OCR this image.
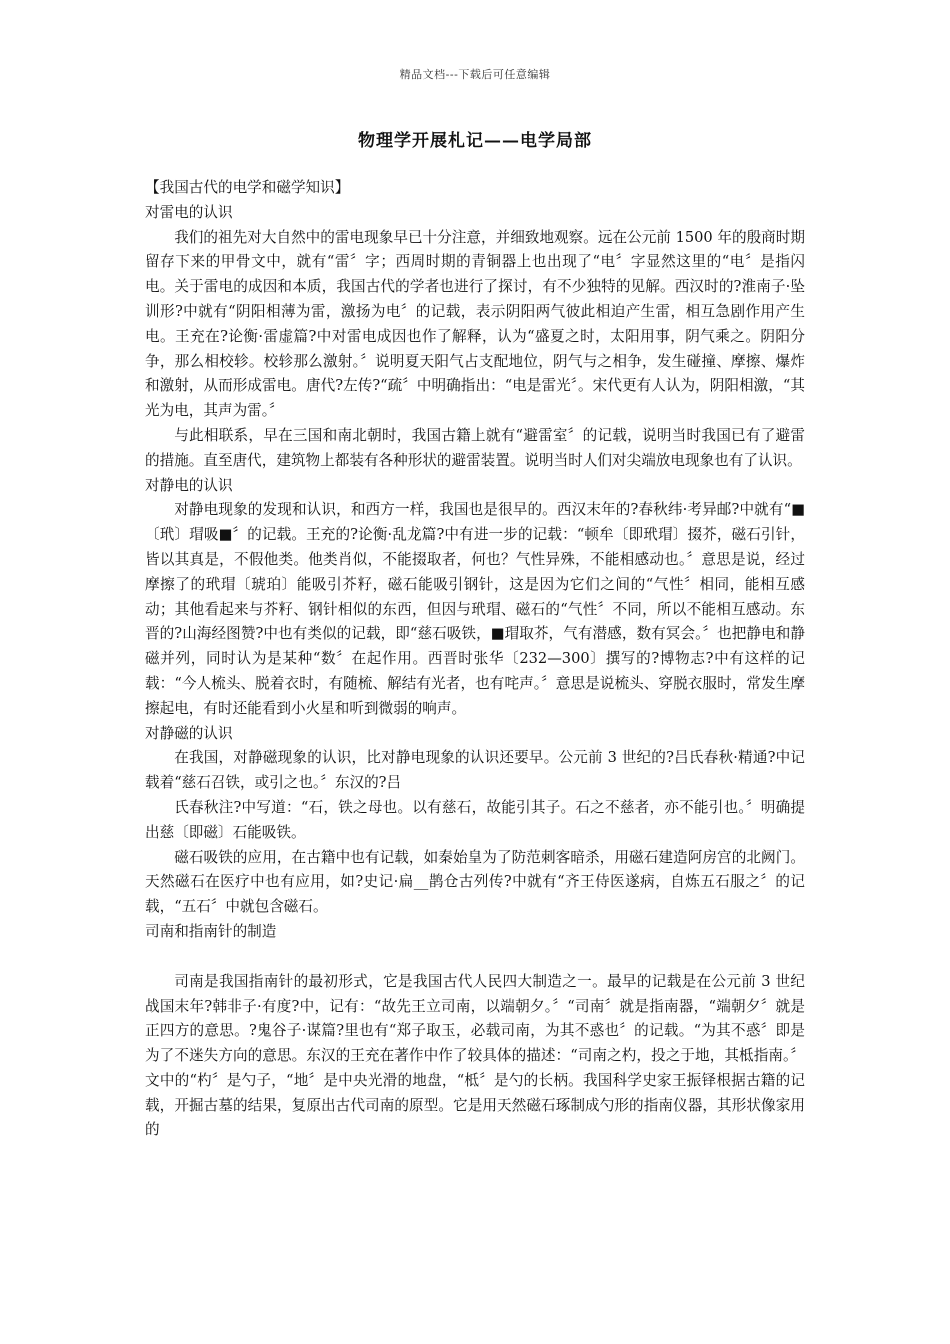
精品文档---下载后可任意编辑
物理学开展札记——电学局部

【我国古代的电学和磁学知识】

对雷电的认识

我们的祖先对大自然中的雷电现象早已十分注意，并细致地观察。远在公元前 1500 年的殷商时期留存下来的甲骨文中，就有“雷〞字；西周时期的青铜器上也出现了“电〞字显然这里的“电〞是指闪电。关于雷电的成因和本质，我国古代的学者也进行了探讨，有不少独特的见解。西汉时的?淮南子·坠训形?中就有“阴阳相薄为雷，激扬为电〞的记载，表示阴阳两气彼此相迫产生雷，相互急剧作用产生电。王充在?论衡·雷虚篇?中对雷电成因也作了解释，认为“盛夏之时，太阳用事，阴气乘之。阴阳分争，那么相校轸。校轸那么激射。〞说明夏天阳气占支配地位，阴气与之相争，发生碰撞、摩擦、爆炸和激射，从而形成雷电。唐代?左传?“疏〞中明确指出：“电是雷光〞。宋代更有人认为，阴阳相激，“其光为电，其声为雷。〞

与此相联系，早在三国和南北朝时，我国古籍上就有“避雷室〞的记载，说明当时我国已有了避雷的措施。直至唐代，建筑物上都装有各种形状的避雷装置。说明当时人们对尖端放电现象也有了认识。

对静电的认识

对静电现象的发现和认识，和西方一样，我国也是很早的。西汉末年的?春秋纬·考异邮?中就有“■〔玳〕瑁吸■〞的记载。王充的?论衡·乱龙篇?中有进一步的记载：“顿牟〔即玳瑁〕掇芥，磁石引针，皆以其真是，不假他类。他类肖似，不能掇取者，何也？气性异殊，不能相感动也。〞意思是说，经过摩擦了的玳瑁〔琥珀〕能吸引芥籽，磁石能吸引钢针，这是因为它们之间的“气性〞相同，能相互感动；其他看起来与芥籽、钢针相似的东西，但因与玳瑁、磁石的“气性〞不同，所以不能相互感动。东晋的?山海经图赞?中也有类似的记载，即“慈石吸铁，■瑁取芥，气有潜感，数有冥会。〞也把静电和静磁并列，同时认为是某种“数〞在起作用。西晋时张华〔232—300〕撰写的?博物志?中有这样的记载：“今人梳头、脱着衣时，有随梳、解结有光者，也有咤声。〞意思是说梳头、穿脱衣服时，常发生摩擦起电，有时还能看到小火星和听到微弱的响声。

对静磁的认识

在我国，对静磁现象的认识，比对静电现象的认识还要早。公元前 3 世纪的?吕氏春秋·精通?中记载着“慈石召铁，或引之也。〞东汉的?吕

氏春秋注?中写道：“石，铁之母也。以有慈石，故能引其子。石之不慈者，亦不能引也。〞明确提出慈〔即磁〕石能吸铁。

磁石吸铁的应用，在古籍中也有记载，如秦始皇为了防范刺客暗杀，用磁石建造阿房宫的北阙门。天然磁石在医疗中也有应用，如?史记·扁__鹊仓古列传?中就有“齐王侍医遂病，自炼五石服之〞的记载，“五石〞中就包含磁石。

司南和指南针的制造

司南是我国指南针的最初形式，它是我国古代人民四大制造之一。最早的记载是在公元前 3 世纪战国末年?韩非子·有度?中，记有：“故先王立司南，以端朝夕。〞“司南〞就是指南器，“端朝夕〞就是正四方的意思。?鬼谷子·谋篇?里也有“郑子取玉，必载司南，为其不惑也〞的记载。“为其不惑〞即是为了不迷失方向的意思。东汉的王充在著作中作了较具体的描述：“司南之杓，投之于地，其柢指南。〞文中的“杓〞是勺子，“地〞是中央光滑的地盘，“柢〞是勺的长柄。我国科学史家王振铎根据古籍的记载，开掘古墓的结果，复原出古代司南的原型。它是用天然磁石琢制成勺形的指南仪器，其形状像家用的
